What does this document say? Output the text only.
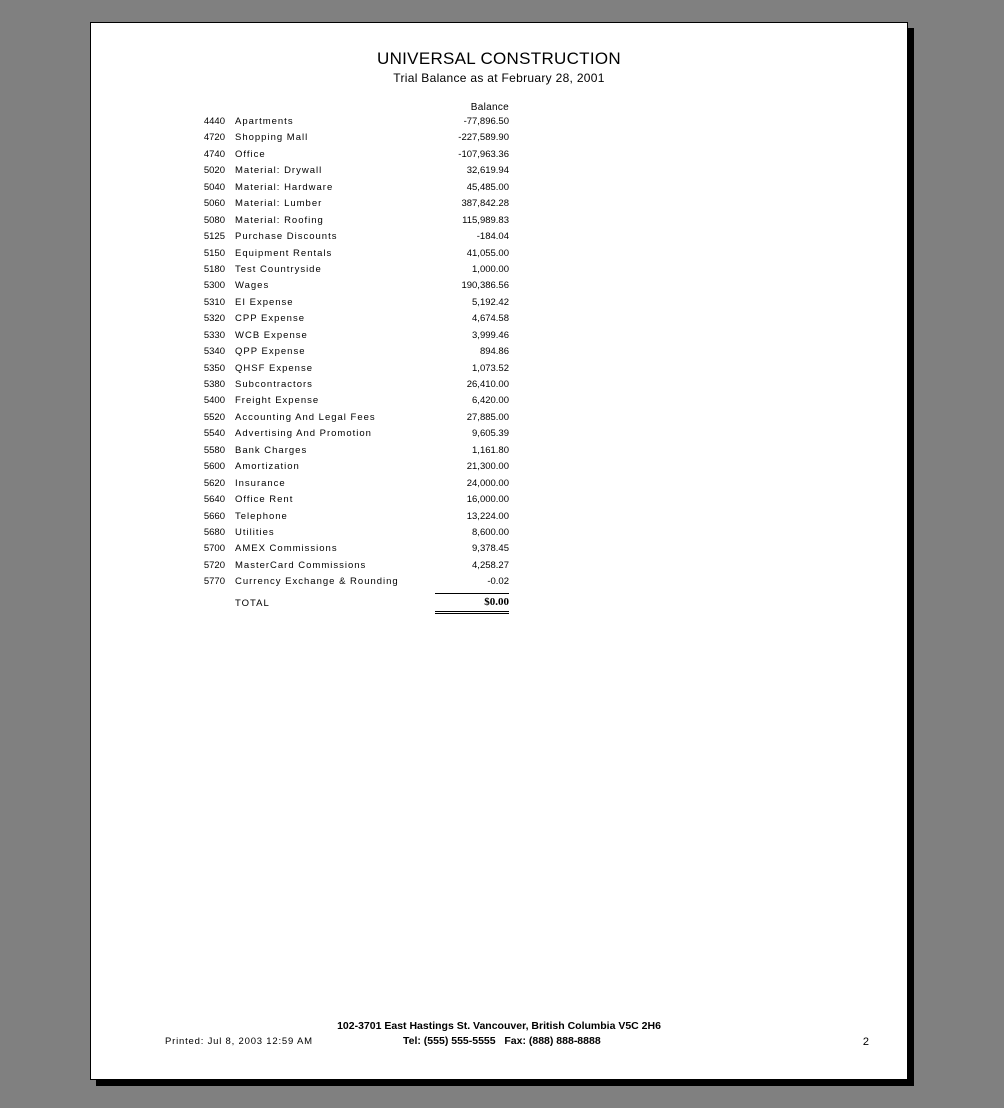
UNIVERSAL CONSTRUCTION
Trial Balance as at February 28, 2001
Balance
4440 Apartments	-77,896.50
4720 Shopping Mall	-227,589.90
4740 Office	-107,963.36
5020 Material: Drywall	32,619.94
5040 Material: Hardware	45,485.00
5060 Material: Lumber	387,842.28
5080 Material: Roofing	115,989.83
5125 Purchase Discounts	-184.04
5150 Equipment Rentals	41,055.00
5180 Test Countryside	1,000.00
5300 Wages	190,386.56
5310 EI Expense	5,192.42
5320 CPP Expense	4,674.58
5330 WCB Expense	3,999.46
5340 QPP Expense	894.86
5350 QHSF Expense	1,073.52
5380 Subcontractors	26,410.00
5400 Freight Expense	6,420.00
5520 Accounting And Legal Fees	27,885.00
5540 Advertising And Promotion	9,605.39
5580 Bank Charges	1,161.80
5600 Amortization	21,300.00
5620 Insurance	24,000.00
5640 Office Rent	16,000.00
5660 Telephone	13,224.00
5680 Utilities	8,600.00
5700 AMEX Commissions	9,378.45
5720 MasterCard Commissions	4,258.27
5770 Currency Exchange & Rounding	-0.02
TOTAL	$0.00
102-3701 East Hastings St. Vancouver, British Columbia V5C 2H6
Printed: Jul 8, 2003 12:59 AM	Tel: (555) 555-5555   Fax: (888) 888-8888	2
